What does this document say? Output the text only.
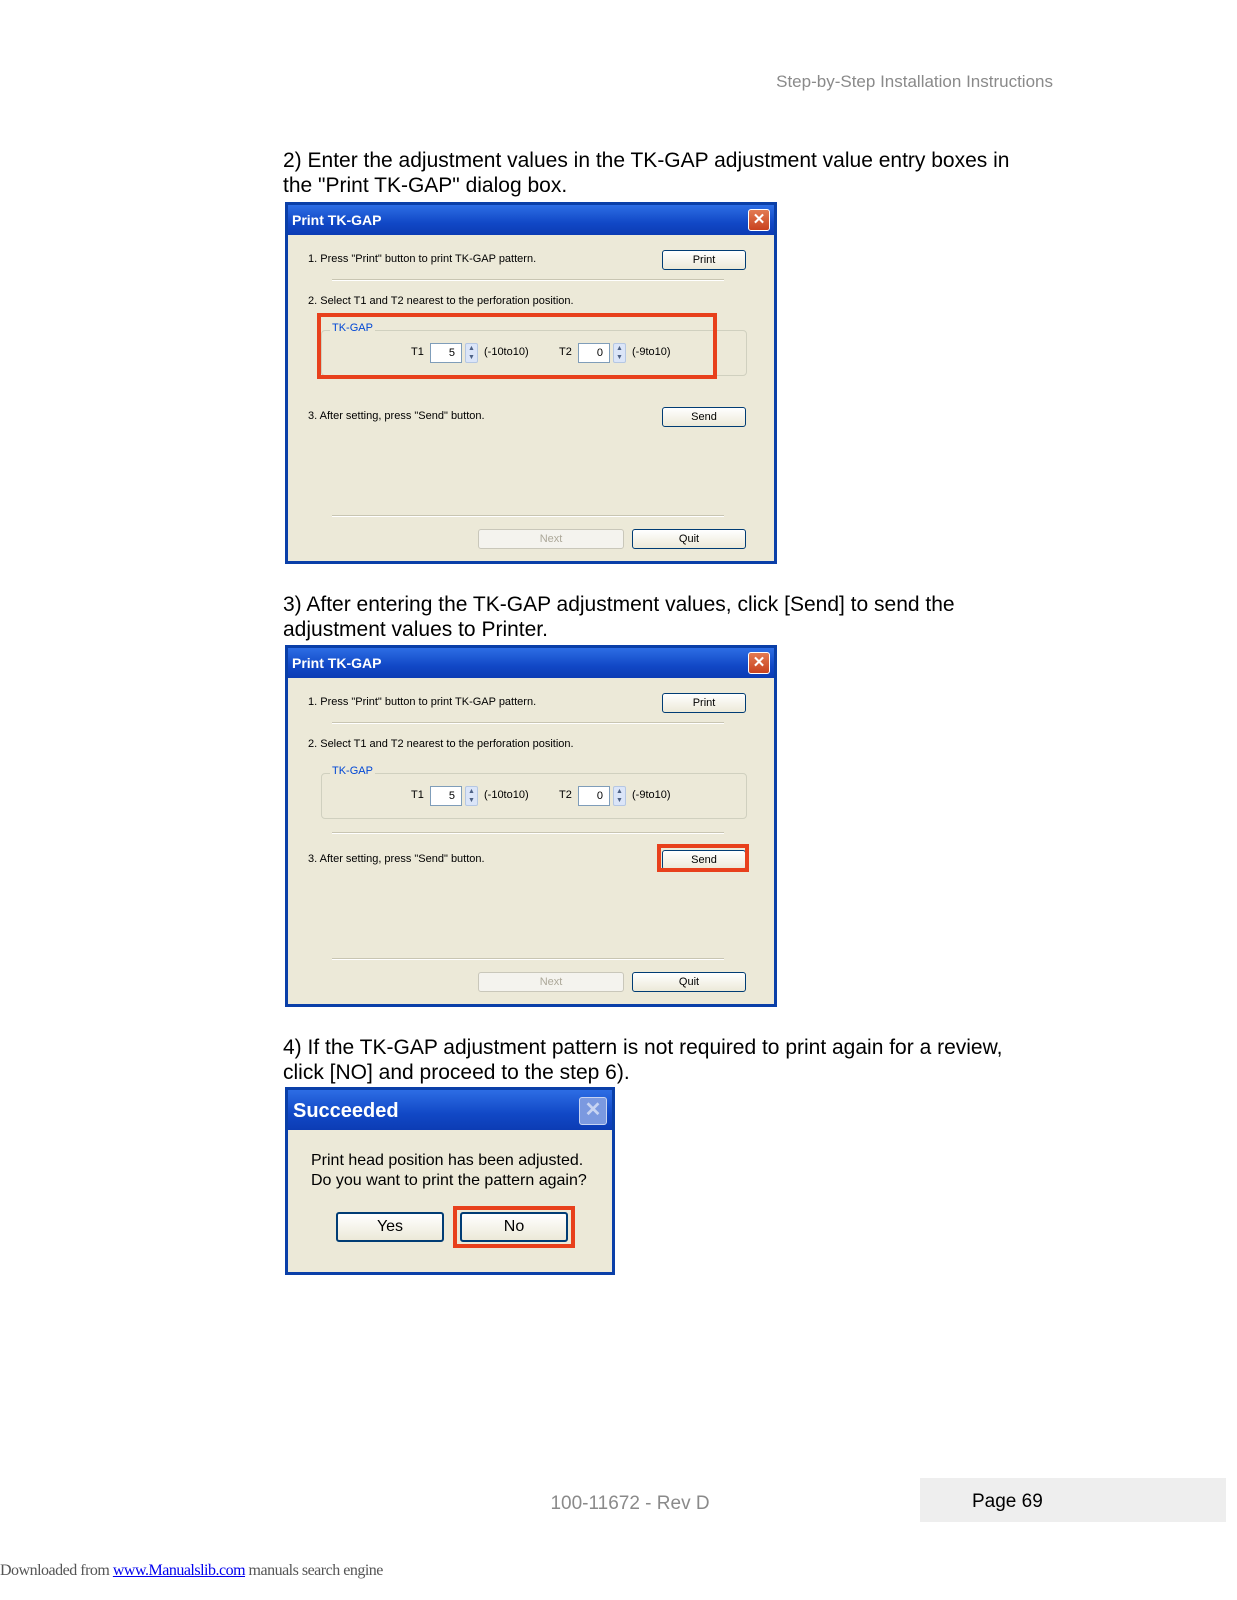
Step-by-Step Installation Instructions
2) Enter the adjustment values in the TK-GAP adjustment value entry boxes in
the "Print TK-GAP" dialog box.
Print TK-GAP	✕
1. Press "Print" button to print TK-GAP pattern.	Print
2. Select T1 and T2 nearest to the perforation position.
TK-GAP
T1	5	▲
▼ (-10to10)	T2	0	▲
▼ (-9to10)
3. After setting, press "Send" button.	Send
Next	Quit
3) After entering the TK-GAP adjustment values, click [Send] to send the
adjustment values to Printer.
Print TK-GAP	✕
1. Press "Print" button to print TK-GAP pattern.	Print
2. Select T1 and T2 nearest to the perforation position.
TK-GAP
T1	5	▲
▼ (-10to10)	T2	0	▲
▼ (-9to10)
3. After setting, press "Send" button.	Send
Next	Quit
4) If the TK-GAP adjustment pattern is not required to print again for a review,
click [NO] and proceed to the step 6).
Succeeded	✕
Print head position has been adjusted.
Do you want to print the pattern again?
Yes	No
100-11672 - Rev D	Page 69
Downloaded from www.Manualslib.com manuals search engine
